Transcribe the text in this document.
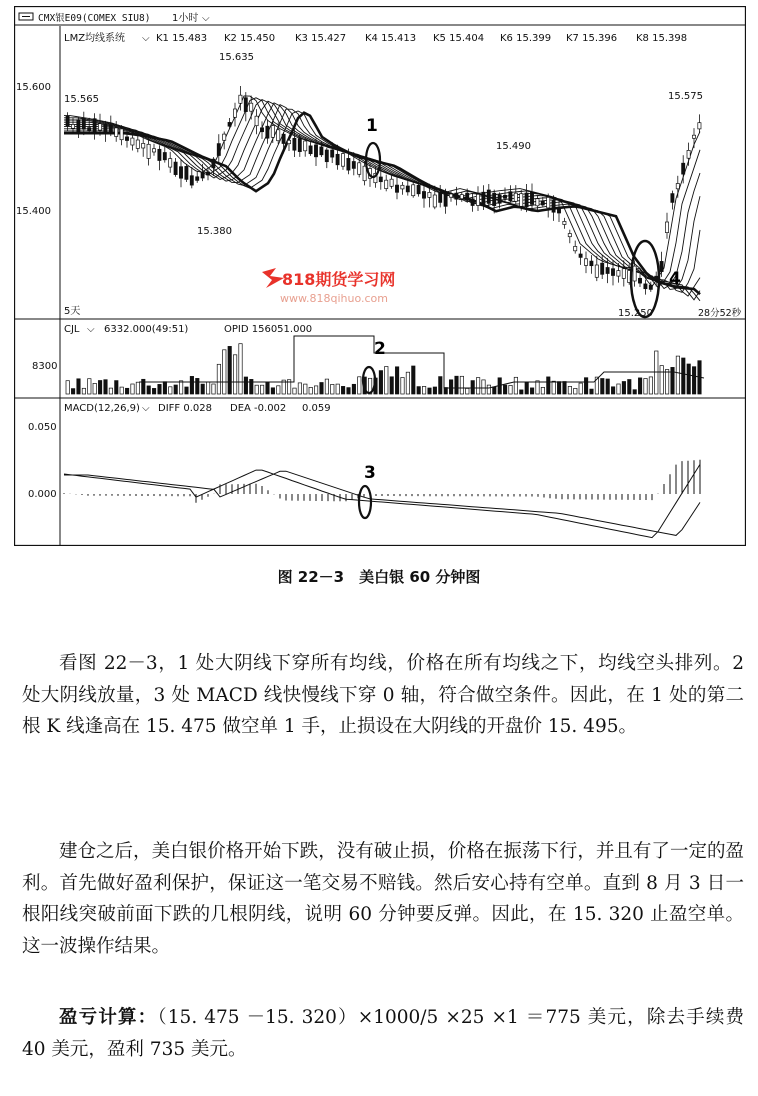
CMX银E09(COMEX SIU8) 1小时 ⌵
LMZ均线系统 ⌵ K1 15.483 K2 15.450 K3 15.427 K4 15.413 K5 15.404 K6 15.399 K7 15.396 K8 15.398
15.600
15.400
15.565
15.635
15.380
15.490
15.575
15.250
1
4
818期货学习网
www.818qihuo.com
5天	28分52秒
CJL ⌵ 6332.000(49:51)	OPID 156051.000
8300
2
MACD(12,26,9) ⌵ DIFF 0.028 DEA -0.002 0.059
0.050
0.000
3
图 22－3　美白银 60 分钟图

看图 22－3，1 处大阴线下穿所有均线，价格在所有均线之下，均线空头排列。2 处大阴线放量，3 处 MACD 线快慢线下穿 0 轴，符合做空条件。因此，在 1 处的第二根 K 线逢高在 15. 475 做空单 1 手，止损设在大阴线的开盘价 15. 495。

建仓之后，美白银价格开始下跌，没有破止损，价格在振荡下行，并且有了一定的盈利。首先做好盈利保护，保证这一笔交易不赔钱。然后安心持有空单。直到 8 月 3 日一根阳线突破前面下跌的几根阴线，说明 60 分钟要反弹。因此，在 15. 320 止盈空单。这一波操作结果。

盈亏计算：（15. 475 －15. 320）×1000/5 ×25 ×1 ＝775 美元，除去手续费 40 美元，盈利 735 美元。
